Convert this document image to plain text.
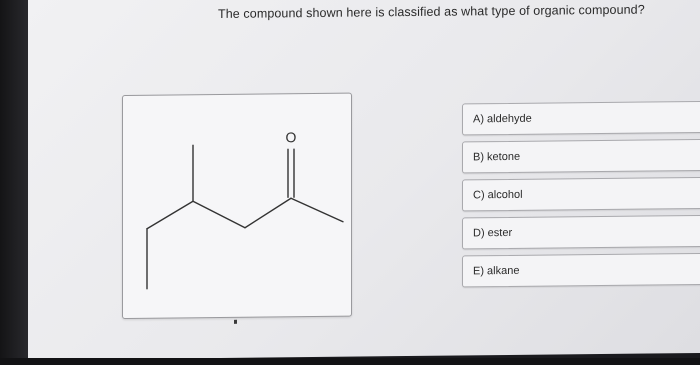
The compound shown here is classified as what type of organic compound?
O
A) aldehyde
B) ketone
C) alcohol
D) ester
E) alkane
